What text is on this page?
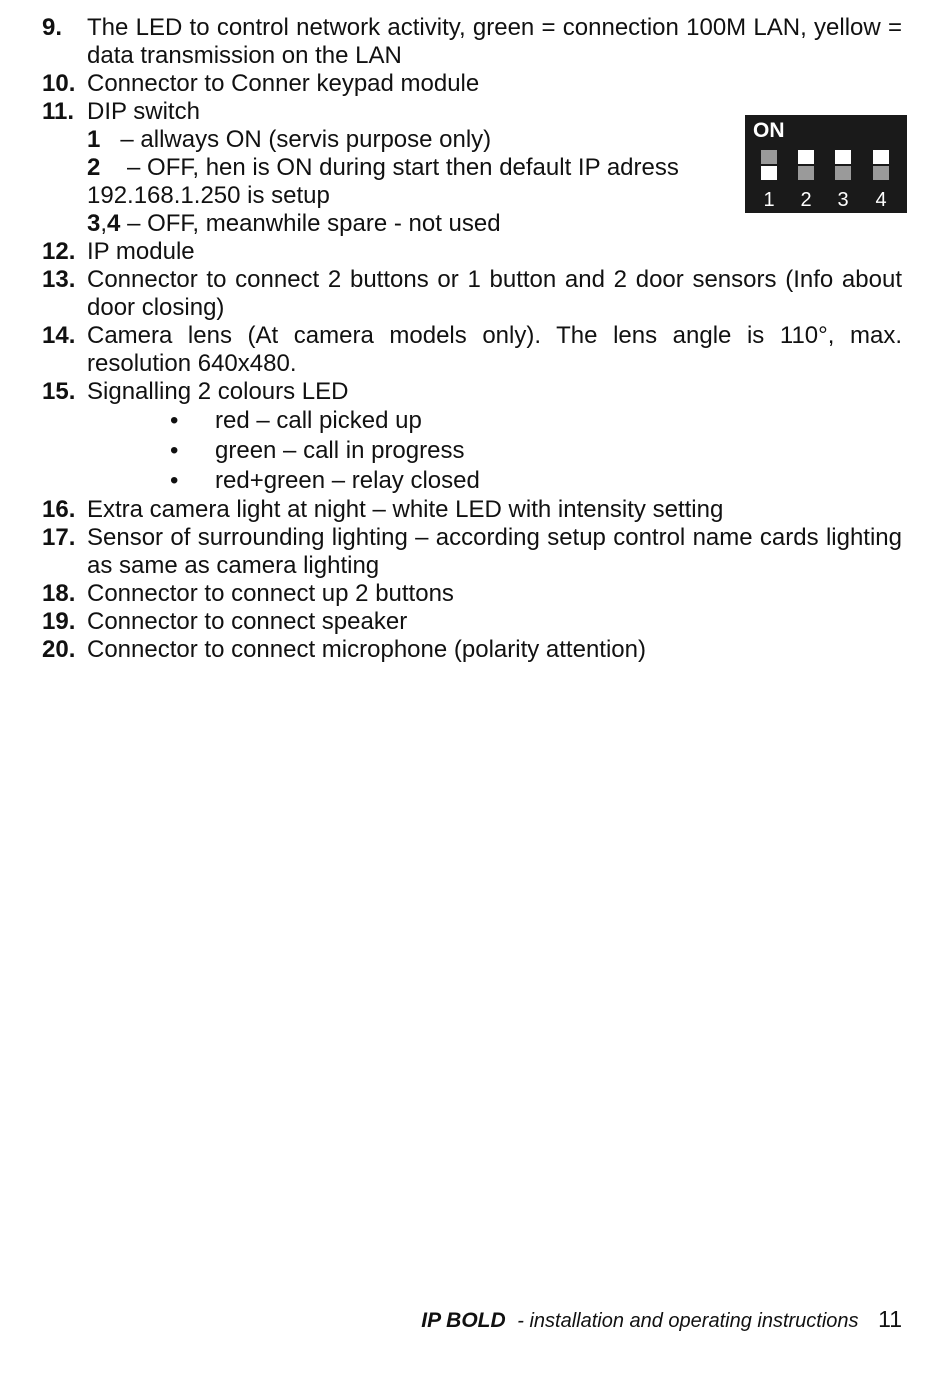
9. The LED to control network activity, green = connection 100M LAN, yellow = data transmission on the LAN
10. Connector to Conner keypad module
11. DIP switch
1 – allways ON (servis purpose only)
2 – OFF, hen is ON during start then default IP adress
192.168.1.250 is setup
3,4 – OFF, meanwhile spare - not used
12. IP module
13. Connector to connect 2 buttons or 1 button and 2 door sensors (Info about door closing)
14. Camera lens (At camera models only). The lens angle is 110°, max. resolution 640x480.
15. Signalling 2 colours LED
• red – call picked up
• green – call in progress
• red+green – relay closed
16. Extra camera light at night – white LED with intensity setting
17. Sensor of surrounding lighting – according setup control name cards lighting as same as camera lighting
18. Connector to connect up 2 buttons
19. Connector to connect speaker
20. Connector to connect microphone (polarity attention)
ON
1 2 3 4
IP BOLD - installation and operating instructions 11
